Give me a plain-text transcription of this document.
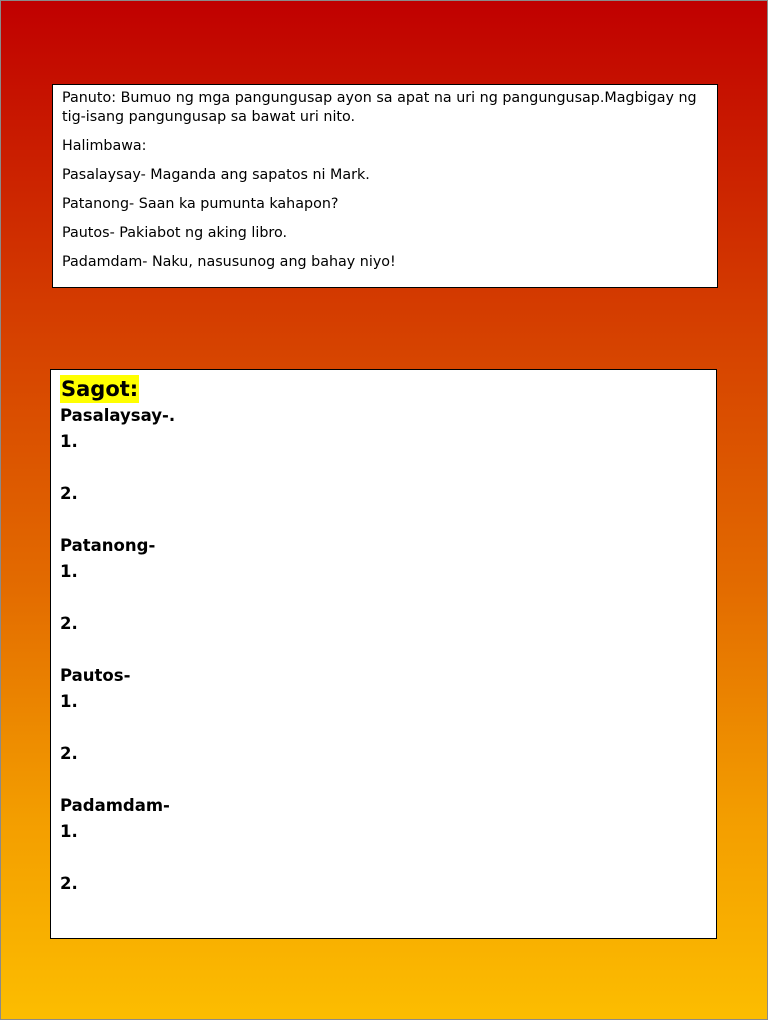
Panuto: Bumuo ng mga pangungusap ayon sa apat na uri ng pangungusap.Magbigay ng tig-isang pangungusap sa bawat uri nito.

Halimbawa:

Pasalaysay- Maganda ang sapatos ni Mark.

Patanong- Saan ka pumunta kahapon?

Pautos- Pakiabot ng aking libro.

Padamdam- Naku, nasusunog ang bahay niyo!

Sagot:
Pasalaysay-.
1.
2.
Patanong-
1.
2.
Pautos-
1.
2.
Padamdam-
1.
2.
